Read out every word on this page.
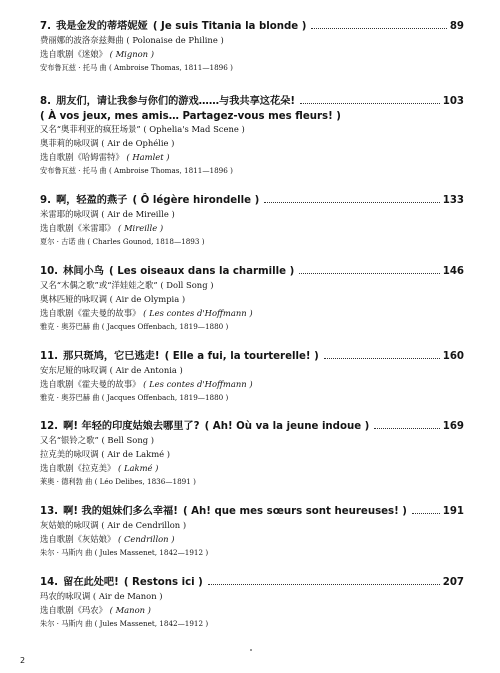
7.
我是金发的蒂塔妮娅
( Je suis Titania la blonde )	89
费丽娜的波洛奈兹舞曲 ( Polonaise de Philine )
选自歌剧《迷娘》 ( Mignon )
安布鲁瓦兹 · 托马 曲 ( Ambroise Thomas, 1811—1896 )
8.
朋友们，请让我参与你们的游戏……与我共享这花朵!	103
( À vos jeux, mes amis… Partagez-vous mes fleurs! )
又名“奥菲利亚的疯狂场景” ( Ophelia's Mad Scene )
奥菲莉的咏叹调 ( Air de Ophélie )
选自歌剧《哈姆雷特》 ( Hamlet )
安布鲁瓦兹 · 托马 曲 ( Ambroise Thomas, 1811—1896 )
9.
啊，轻盈的燕子
( Ô légère hirondelle )	133
米雷耶的咏叹调 ( Air de Mireille )
选自歌剧《米雷耶》 ( Mireille )
夏尔 · 古诺 曲 ( Charles Gounod, 1818—1893 )
10.
林间小鸟
( Les oiseaux dans la charmille )	146
又名“木偶之歌”或“洋娃娃之歌” ( Doll Song )
奥林匹娅的咏叹调 ( Air de Olympia )
选自歌剧《霍夫曼的故事》 ( Les contes d'Hoffmann )
雅克 · 奥芬巴赫 曲 ( Jacques Offenbach, 1819—1880 )
11.
那只斑鸠，它已逃走!
( Elle a fui, la tourterelle! )	160
安东尼娅的咏叹调 ( Air de Antonia )
选自歌剧《霍夫曼的故事》 ( Les contes d'Hoffmann )
雅克 · 奥芬巴赫 曲 ( Jacques Offenbach, 1819—1880 )
12.
啊! 年轻的印度姑娘去哪里了?
( Ah! Où va la jeune indoue )	169
又名“银铃之歌” ( Bell Song )
拉克美的咏叹调 ( Air de Lakmé )
选自歌剧《拉克美》 ( Lakmé )
莱奥 · 德利勃 曲 ( Léo Delibes, 1836—1891 )
13.
啊! 我的姐妹们多么幸福!
( Ah! que mes sœurs sont heureuses! )	191
灰姑娘的咏叹调 ( Air de Cendrillon )
选自歌剧《灰姑娘》 ( Cendrillon )
朱尔 · 马斯内 曲 ( Jules Massenet, 1842—1912 )
14.
留在此处吧!
( Restons ici )	207
玛农的咏叹调 ( Air de Manon )
选自歌剧《玛农》 ( Manon )
朱尔 · 马斯内 曲 ( Jules Massenet, 1842—1912 )
2
